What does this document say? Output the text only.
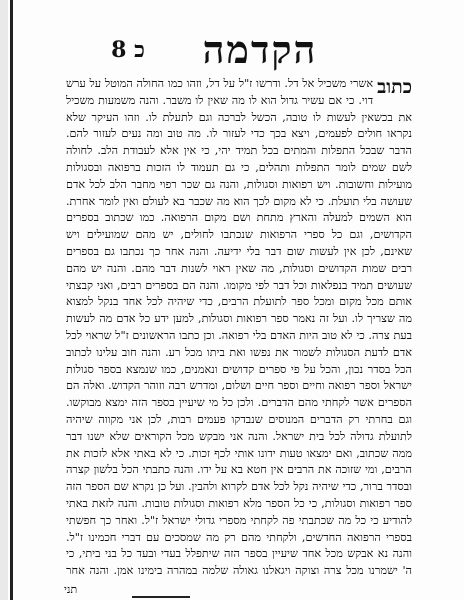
כ 8	הקדמה
כתוב
אשרי משכיל אל דל. ודרשו ז"ל על דל, וזהו כמו החולה המוטל על ערש דוי. כי אם עשיר גדול הוא לו מה שאין לו משבר. והנה משמעות משכיל את בכשאין לעשות לו טובה, הכשל לברכה וגם לתעלת לו. וזהו העיקר שלא נקראו חולים לפעמים, ויצא בכך כדי לעזור לו. מה טוב ומה נעים לעזור להם. הדבר שבכל התפלות והמתים בכל תמיד יהי, כי אין אלא לעבודת הלב. לחולה לשם שמים לומר התפלות ותהלים, כי גם תעמוד לו הזכות ברפואה ובסגולות מועילות וחשובות. ויש רפואות וסגולות, והנה גם שכר רפוי מחבר הלב לכל אדם שעושה בלי תועלת. כי לא מקום לכך הוא מה שכבר בא לעולם ואין לומר אחרת. הוא השמים למעלה והארץ מתחת ושם מקום הרפואה. כמו שכתוב בספרים הקדושים, וגם כל ספרי הרפואות שנכתבו לחולים, יש מהם שמועילים ויש שאינם, לכן אין לעשות שום דבר בלי ידיעה. והנה אחר כך נכתבו גם בספרים רבים שמות הקדושים וסגולות, מה שאין ראוי לשנות דבר מהם. והנה יש מהם שעושים תמיד בנפלאות וכל דבר לפי מקומו. והנה הם בספרים רבים, ואני קבצתי אותם מכל מקום ומכל ספר לתועלת הרבים, כדי שיהיה לכל אחד בנקל למצוא מה שצריך לו. ועל זה נאמר ספר רפואות וסגולות, למען ידע כל אדם מה לעשות בעת צרה. כי לא טוב היות האדם בלי רפואה. וכן כתבו הראשונים ז"ל שראוי לכל אדם לדעת הסגולות לשמור את נפשו ואת ביתו מכל רע. והנה חוב עלינו לכתוב הכל בסדר נכון, והכל על פי ספרים קדושים ונאמנים, כמו שנמצא בספר סגולות ישראל וספר רפואה וחיים וספר חיים ושלום, ומדרש רבה וזוהר הקדוש. ואלה הם הספרים אשר לקחתי מהם הדברים. ולכן כל מי שיעיין בספר הזה ימצא מבוקשו. וגם בחרתי רק הדברים המנוסים שנבדקו פעמים רבות, לכן אני מקווה שיהיה לתועלת גדולה לכל בית ישראל. והנה אני מבקש מכל הקוראים שלא ישנו דבר ממה שכתוב, ואם ימצאו טעות ידונו אותי לכף זכות. כי לא באתי אלא לזכות את הרבים, ומי שזוכה את הרבים אין חטא בא על ידו. והנה כתבתי הכל בלשון קצרה ובסדר ברור, כדי שיהיה נקל לכל אדם לקרוא ולהבין. ועל כן נקרא שם הספר הזה ספר רפואות וסגולות, כי כל הספר מלא רפואות וסגולות טובות. והנה לזאת באתי להודיע כי כל מה שכתבתי פה לקחתי מספרי גדולי ישראל ז"ל. ואחר כך חפשתי בספרי הרפואה החדשים, ולקחתי מהם רק מה שמסכים עם דברי חכמינו ז"ל. והנה נא אבקש מכל אחד שיעיין בספר הזה שיתפלל בעדי ובעד כל בני ביתי, כי ה' ישמרנו מכל צרה וצוקה ויגאלנו גאולה שלמה במהרה בימינו אמן. והנה אחר
תני
